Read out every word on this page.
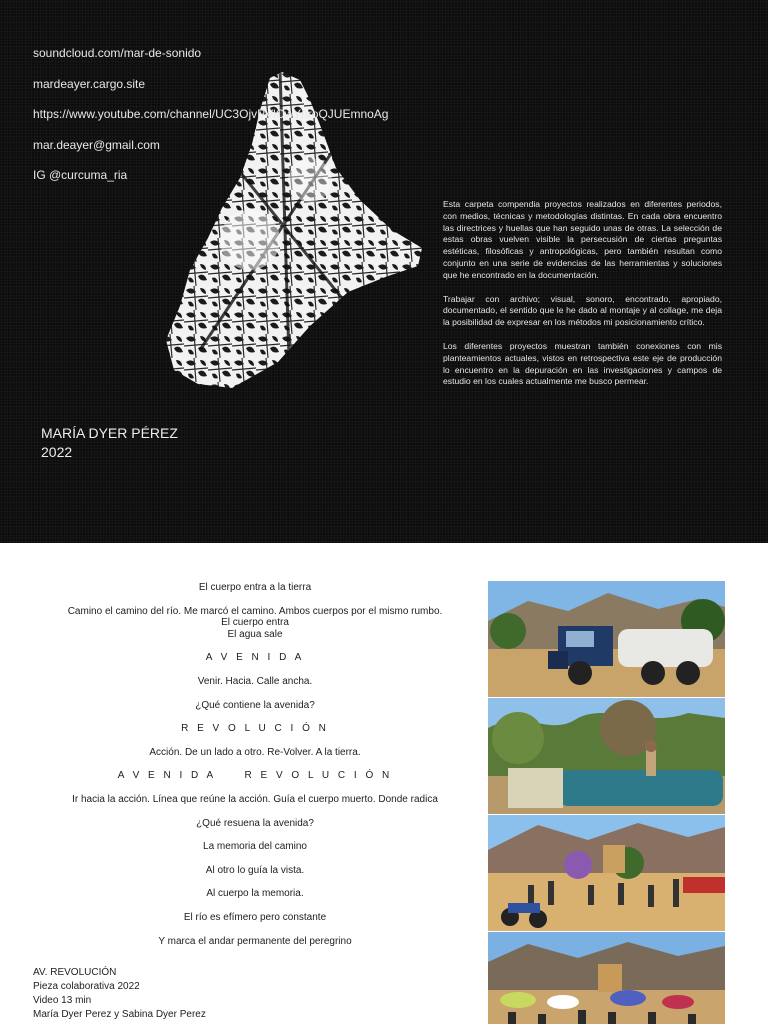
soundcloud.com/mar-de-sonido
mardeayer.cargo.site
https://www.youtube.com/channel/UC3OjvPVlCwYnroQJUEmnoAg
mar.deayer@gmail.com
IG @curcuma_ria

Esta carpeta compendia proyectos realizados en diferentes periodos, con medios, técnicas y metodologías distintas. En cada obra encuentro las directrices y huellas que han seguido unas de otras. La selección de estas obras vuelven visible la persecusión de ciertas preguntas estéticas, filosóficas y antropológicas, pero también resultan como conjunto en una serie de evidencias de las herramientas y soluciones que he encontrado en la documentación.

Trabajar con archivo; visual, sonoro, encontrado, apropiado, documentado, el sentido que le he dado al montaje y al collage, me deja la posibilidad de expresar en los métodos mi posicionamiento crítico.

Los diferentes proyectos muestran también conexiones con mis planteamientos actuales, vistos en retrospectiva este eje de producción lo encuentro en la depuración en las investigaciones y campos de estudio en los cuales actualmente me busco permear.

MARÍA DYER PÉREZ
2022
El cuerpo entra a la tierra
Camino el camino del río. Me marcó el camino. Ambos cuerpos por el mismo rumbo.
El cuerpo entra
El agua sale
A V E N I D A
Venir. Hacia. Calle ancha.
¿Qué contiene la avenida?
R E V O L U C I Ó N
Acción. De un lado a otro. Re-Volver. A la tierra.
A V E N I D A     R E V O L U C I Ó N
Ir hacia la acción. Línea que reúne la acción. Guía el cuerpo muerto. Donde radica
¿Qué resuena la avenida?
La memoria del camino
Al otro lo guía la vista.
Al cuerpo la memoria.
El río es efímero pero constante
Y marca el andar permanente del peregrino
AV. REVOLUCIÓN
Pieza colaborativa 2022
Video 13 min
María Dyer Perez y Sabina Dyer Perez
